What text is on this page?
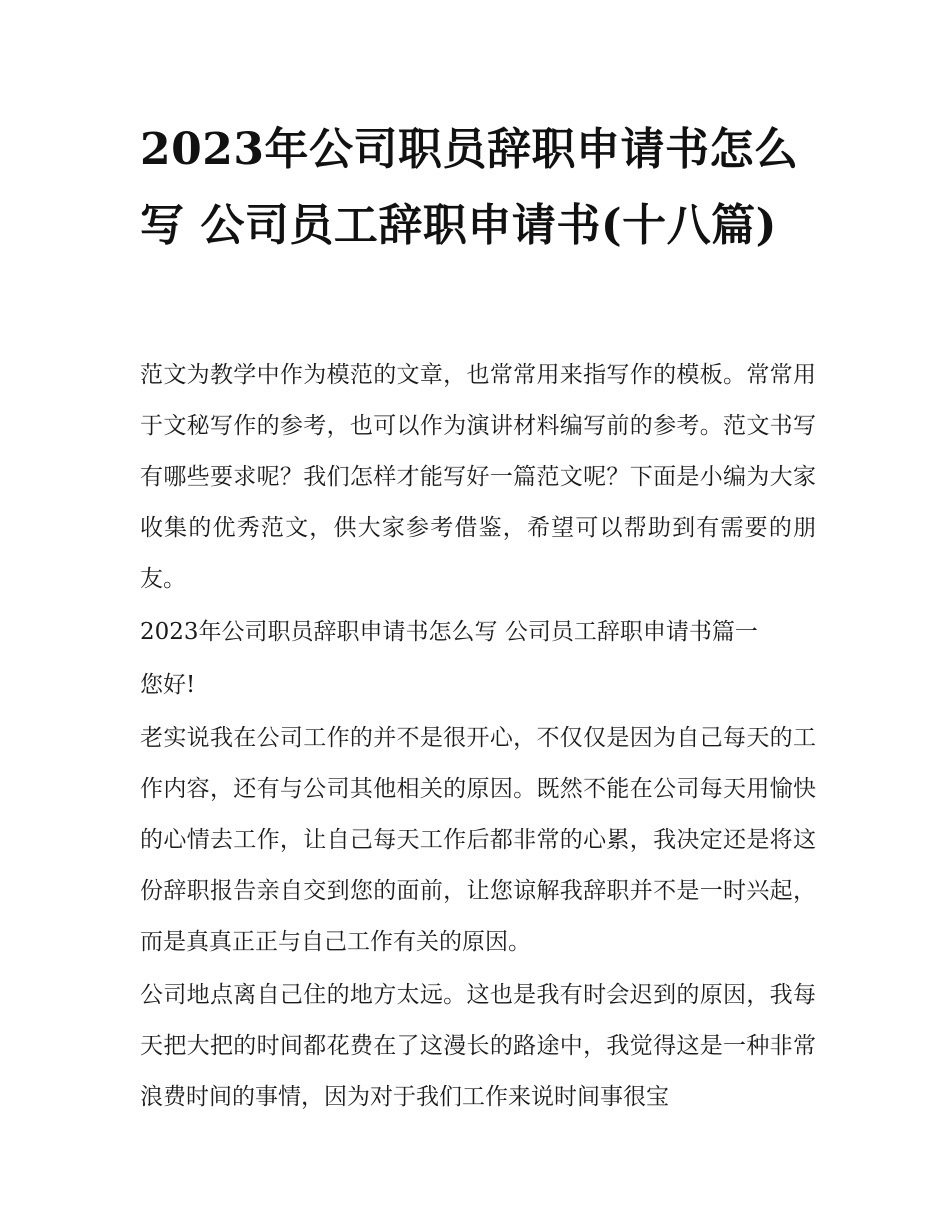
2023年公司职员辞职申请书怎么写 公司员工辞职申请书(十八篇)

范文为教学中作为模范的文章，也常常用来指写作的模板。常常用于文秘写作的参考，也可以作为演讲材料编写前的参考。范文书写有哪些要求呢？我们怎样才能写好一篇范文呢？下面是小编为大家收集的优秀范文，供大家参考借鉴，希望可以帮助到有需要的朋友。

2023年公司职员辞职申请书怎么写 公司员工辞职申请书篇一

您好!

老实说我在公司工作的并不是很开心，不仅仅是因为自己每天的工作内容，还有与公司其他相关的原因。既然不能在公司每天用愉快的心情去工作，让自己每天工作后都非常的心累，我决定还是将这份辞职报告亲自交到您的面前，让您谅解我辞职并不是一时兴起，而是真真正正与自己工作有关的原因。

公司地点离自己住的地方太远。这也是我有时会迟到的原因，我每天把大把的时间都花费在了这漫长的路途中，我觉得这是一种非常浪费时间的事情，因为对于我们工作来说时间事很宝
